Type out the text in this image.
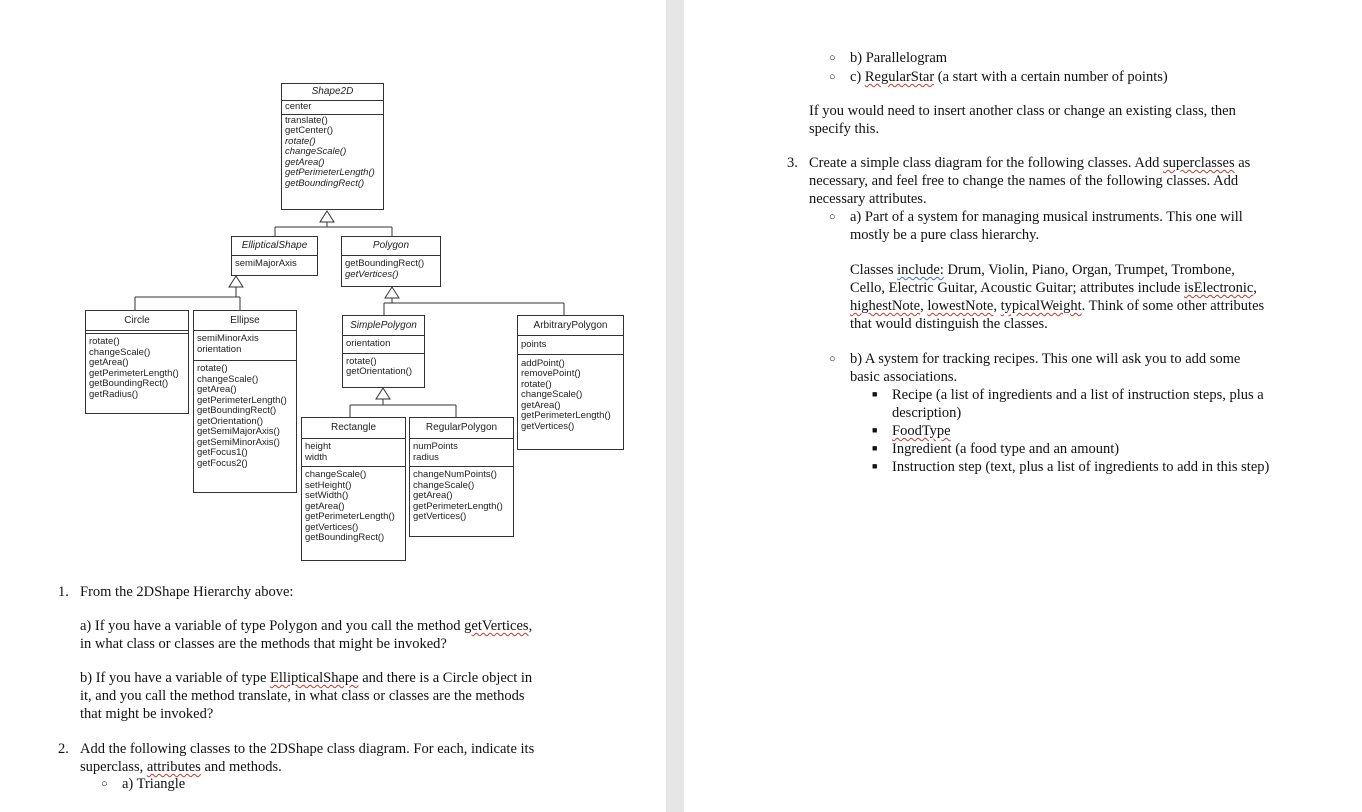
Shape2D
center
translate()
getCenter()
rotate()
changeScale()
getArea()
getPerimeterLength()
getBoundingRect()
EllipticalShape
semiMajorAxis
Polygon
getBoundingRect()
getVertices()
Circle
rotate()
changeScale()
getArea()
getPerimeterLength()
getBoundingRect()
getRadius()
Ellipse
semiMinorAxis
orientation
rotate()
changeScale()
getArea()
getPerimeterLength()
getBoundingRect()
getOrientation()
getSemiMajorAxis()
getSemiMinorAxis()
getFocus1()
getFocus2()
SimplePolygon
orientation
rotate()
getOrientation()
ArbitraryPolygon
points
addPoint()
removePoint()
rotate()
changeScale()
getArea()
getPerimeterLength()
getVertices()
Rectangle
height
width
changeScale()
setHeight()
setWidth()
getArea()
getPerimeterLength()
getVertices()
getBoundingRect()
RegularPolygon
numPoints
radius
changeNumPoints()
changeScale()
getArea()
getPerimeterLength()
getVertices()
1. From the 2DShape Hierarchy above:
a) If you have a variable of type Polygon and you call the method getVertices,
in what class or classes are the methods that might be invoked?
b) If you have a variable of type EllipticalShape and there is a Circle object in
it, and you call the method translate, in what class or classes are the methods
that might be invoked?
2. Add the following classes to the 2DShape class diagram. For each, indicate its
superclass, attributes and methods.
○ a) Triangle
○ b) Parallelogram
○ c) RegularStar (a start with a certain number of points)
If you would need to insert another class or change an existing class, then
specify this.
3. Create a simple class diagram for the following classes. Add superclasses as
necessary, and feel free to change the names of the following classes. Add
necessary attributes.
○ a) Part of a system for managing musical instruments. This one will
mostly be a pure class hierarchy.
Classes include: Drum, Violin, Piano, Organ, Trumpet, Trombone,
Cello, Electric Guitar, Acoustic Guitar; attributes include isElectronic,
highestNote, lowestNote, typicalWeight. Think of some other attributes
that would distinguish the classes.
○ b) A system for tracking recipes. This one will ask you to add some
basic associations.
■ Recipe (a list of ingredients and a list of instruction steps, plus a
description)
■ FoodType
■ Ingredient (a food type and an amount)
■ Instruction step (text, plus a list of ingredients to add in this step)
